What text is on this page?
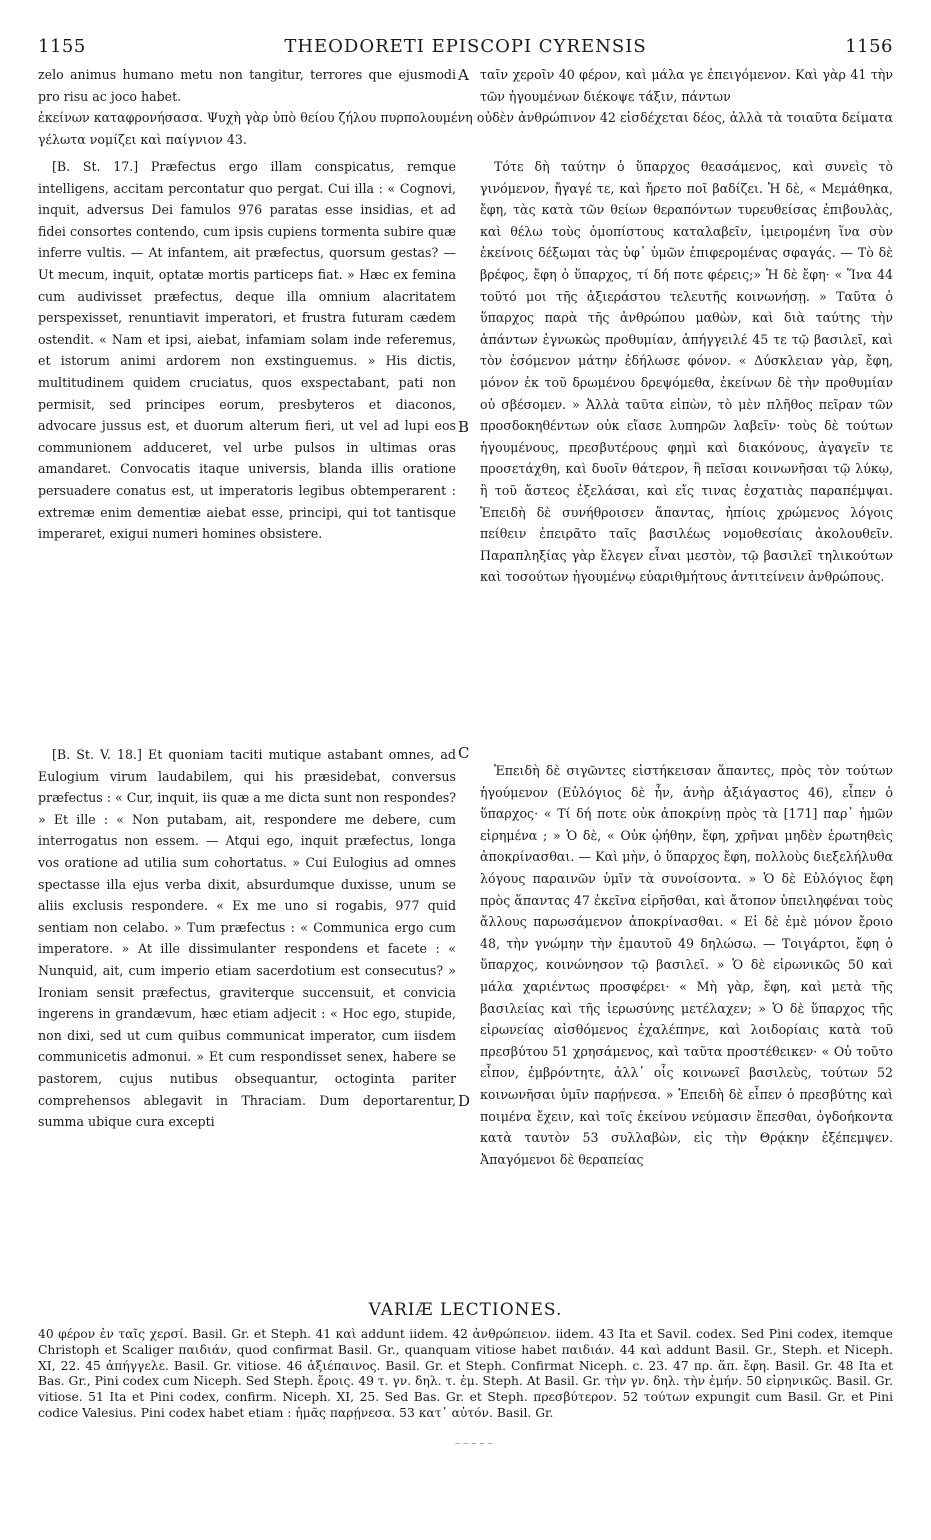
1155	THEODORETI EPISCOPI CYRENSIS	1156
zelo animus humano metu non tangitur, terrores que ejusmodi pro risu ac joco habet.
A ταῖν χεροῖν 40 φέρον, καὶ μάλα γε ἐπειγόμενον. Καὶ γὰρ 41 τὴν τῶν ἡγουμένων διέκοψε τάξιν, πάντων
ἐκείνων καταφρονήσασα. Ψυχὴ γὰρ ὑπὸ θείου ζήλου πυρπολουμένη οὐδὲν ἀνθρώπινον 42 εἰσδέχεται δέος, ἀλλὰ τὰ τοιαῦτα δείματα γέλωτα νομίζει καὶ παίγνιον 43.

[B. St. 17.] Præfectus ergo illam conspicatus, remque intelligens, accitam percontatur quo pergat. Cui illa : « Cognovi, inquit, adversus Dei famulos 976 paratas esse insidias, et ad fidei consortes contendo, cum ipsis cupiens tormenta subire quæ inferre vultis. — At infantem, ait præfectus, quorsum gestas? — Ut mecum, inquit, optatæ mortis particeps fiat. » Hæc ex femina cum audivisset præfectus, deque illa omnium alacritatem perspexisset, renuntiavit imperatori, et frustra futuram cædem ostendit. « Nam et ipsi, aiebat, infamiam solam inde referemus, et istorum animi ardorem non exstinguemus. » His dictis, multitudinem quidem cruciatus, quos exspectabant, pati non permisit, sed principes eorum, presbyteros et diaconos, advocare jussus est, et duorum alterum fieri, ut vel ad lupi eos communionem adduceret, vel urbe pulsos in ultimas oras amandaret. Convocatis itaque universis, blanda illis oratione persuadere conatus est, ut imperatoris legibus obtemperarent : extremæ enim dementiæ aiebat esse, principi, qui tot tantisque imperaret, exigui numeri homines obsistere.

Τότε δὴ ταύτην ὁ ὕπαρχος θεασάμενος, καὶ συνεὶς τὸ γινόμενον, ἤγαγέ τε, καὶ ἤρετο ποῖ βαδίζει. Ἡ δὲ, « Μεμάθηκα, ἔφη, τὰς κατὰ τῶν θείων θεραπόντων τυρευθείσας ἐπιβουλὰς, καὶ θέλω τοὺς ὁμοπίστους καταλαβεῖν, ἱμειρομένη ἵνα σὺν ἐκείνοις δέξωμαι τὰς ὑφ᾽ ὑμῶν ἐπιφερομένας σφαγάς. — Τὸ δὲ βρέφος, ἔφη ὁ ὕπαρχος, τί δή ποτε φέρεις;» Ἡ δὲ ἔφη· « Ἵνα 44 τοῦτό μοι τῆς ἀξιεράστου τελευτῆς κοινωνήσῃ. » Ταῦτα ὁ ὕπαρχος παρὰ τῆς ἀνθρώπου μαθὼν, καὶ διὰ ταύτης τὴν ἁπάντων ἐγνωκὼς προθυμίαν, ἀπήγγειλέ 45 τε τῷ βασιλεῖ, καὶ τὸν ἐσόμενον μάτην ἐδήλωσε φόνον. « Δύσκλειαν γὰρ, ἔφη, μόνον ἐκ τοῦ δρωμένου δρεψόμεθα, ἐκείνων δὲ τὴν προθυμίαν οὐ σβέσομεν. » Ἀλλὰ ταῦτα εἰπὼν, τὸ μὲν πλῆθος πεῖραν τῶν προσδοκηθέντων οὐκ εἴασε λυπηρῶν λαβεῖν· τοὺς δὲ τούτων ἡγουμένους, πρεσβυτέρους φημὶ καὶ διακόνους, ἀγαγεῖν τε προσετάχθη, καὶ δυοῖν θάτερον, ἢ πεῖσαι κοινωνῆσαι τῷ λύκῳ, ἢ τοῦ ἄστεος ἐξελάσαι, καὶ εἴς τινας ἐσχατιὰς παραπέμψαι. Ἐπειδὴ δὲ συνήθροισεν ἅπαντας, ἠπίοις χρώμενος λόγοις πείθειν ἐπειρᾶτο ταῖς βασιλέως νομοθεσίαις ἀκολουθεῖν. Παραπληξίας γὰρ ἔλεγεν εἶναι μεστὸν, τῷ βασιλεῖ τηλικούτων καὶ τοσούτων ἡγουμένῳ εὐαριθμήτους ἀντιτείνειν ἀνθρώπους.

B

[B. St. V. 18.] Et quoniam taciti mutique astabant omnes, ad Eulogium virum laudabilem, qui his præsidebat, conversus præfectus : « Cur, inquit, iis quæ a me dicta sunt non respondes? » Et ille : « Non putabam, ait, respondere me debere, cum interrogatus non essem. — Atqui ego, inquit præfectus, longa vos oratione ad utilia sum cohortatus. » Cui Eulogius ad omnes spectasse illa ejus verba dixit, absurdumque duxisse, unum se aliis exclusis respondere. « Ex me uno si rogabis, 977 quid sentiam non celabo. » Tum præfectus : « Communica ergo cum imperatore. » At ille dissimulanter respondens et facete : « Nunquid, ait, cum imperio etiam sacerdotium est consecutus? » Ironiam sensit præfectus, graviterque succensuit, et convicia ingerens in grandævum, hæc etiam adjecit : « Hoc ego, stupide, non dixi, sed ut cum quibus communicat imperator, cum iisdem communicetis admonui. » Et cum respondisset senex, habere se pastorem, cujus nutibus obsequantur, octoginta pariter comprehensos ablegavit in Thraciam. Dum deportarentur, summa ubique cura excepti

Ἐπειδὴ δὲ σιγῶντες εἱστήκεισαν ἅπαντες, πρὸς τὸν τούτων ἡγούμενον (Εὐλόγιος δὲ ἦν, ἀνὴρ ἀξιάγαστος 46), εἶπεν ὁ ὕπαρχος· « Τί δή ποτε οὐκ ἀποκρίνῃ πρὸς τὰ [171] παρ᾽ ἡμῶν εἰρημένα ; » Ὁ δὲ, « Οὐκ ᾠήθην, ἔφη, χρῆναι μηδὲν ἐρωτηθεὶς ἀποκρίνασθαι. — Καὶ μὴν, ὁ ὕπαρχος ἔφη, πολλοὺς διεξελήλυθα λόγους παραινῶν ὑμῖν τὰ συνοίσοντα. » Ὁ δὲ Εὐλόγιος ἔφη πρὸς ἅπαντας 47 ἐκεῖνα εἰρῆσθαι, καὶ ἄτοπον ὑπειληφέναι τοὺς ἄλλους παρωσάμενον ἀποκρίνασθαι. « Εἰ δὲ ἐμὲ μόνον ἔροιο 48, τὴν γνώμην τὴν ἐμαυτοῦ 49 δηλώσω. — Τοιγάρτοι, ἔφη ὁ ὕπαρχος, κοινώνησον τῷ βασιλεῖ. » Ὁ δὲ εἰρωνικῶς 50 καὶ μάλα χαριέντως προσφέρει· « Μὴ γὰρ, ἔφη, καὶ μετὰ τῆς βασιλείας καὶ τῆς ἱερωσύνης μετέλαχεν; » Ὁ δὲ ὕπαρχος τῆς εἰρωνείας αἰσθόμενος ἐχαλέπηνε, καὶ λοιδορίαις κατὰ τοῦ πρεσβύτου 51 χρησάμενος, καὶ ταῦτα προστέθεικεν· « Οὐ τοῦτο εἶπον, ἐμβρόντητε, ἀλλ᾽ οἷς κοινωνεῖ βασιλεὺς, τούτων 52 κοινωνῆσαι ὑμῖν παρῄνεσα. » Ἐπειδὴ δὲ εἶπεν ὁ πρεσβύτης καὶ ποιμένα ἔχειν, καὶ τοῖς ἐκείνου νεύμασιν ἕπεσθαι, ὀγδοήκοντα κατὰ ταυτὸν 53 συλλαβὼν, εἰς τὴν Θρᾴκην ἐξέπεμψεν. Ἀπαγόμενοι δὲ θεραπείας

C
D
VARIÆ LECTIONES.
40 φέρον ἐν ταῖς χερσί. Basil. Gr. et Steph. 41 καὶ addunt iidem. 42 ἀνθρώπειον. iidem. 43 Ita et Savil. codex. Sed Pini codex, itemque Christoph et Scaliger παιδιάν, quod confirmat Basil. Gr., quanquam vitiose habet παιδιάν. 44 καὶ addunt Basil. Gr., Steph. et Niceph. XI, 22. 45 ἀπήγγελε. Basil. Gr. vitiose. 46 ἀξιέπαινος. Basil. Gr. et Steph. Confirmat Niceph. c. 23. 47 πρ. ἅπ. ἔφη. Basil. Gr. 48 Ita et Bas. Gr., Pini codex cum Niceph. Sed Steph. ἔροις. 49 τ. γν. δηλ. τ. ἐμ. Steph. At Basil. Gr. τὴν γν. δηλ. τὴν ἐμήν. 50 εἰρηνικῶς. Basil. Gr. vitiose. 51 Ita et Pini codex, confirm. Niceph. XI, 25. Sed Bas. Gr. et Steph. πρεσβύτερον. 52 τούτων expungit cum Basil. Gr. et Pini codice Valesius. Pini codex habet etiam : ἡμᾶς παρῄνεσα. 53 κατ᾽ αὐτόν. Basil. Gr.
– – – – –
